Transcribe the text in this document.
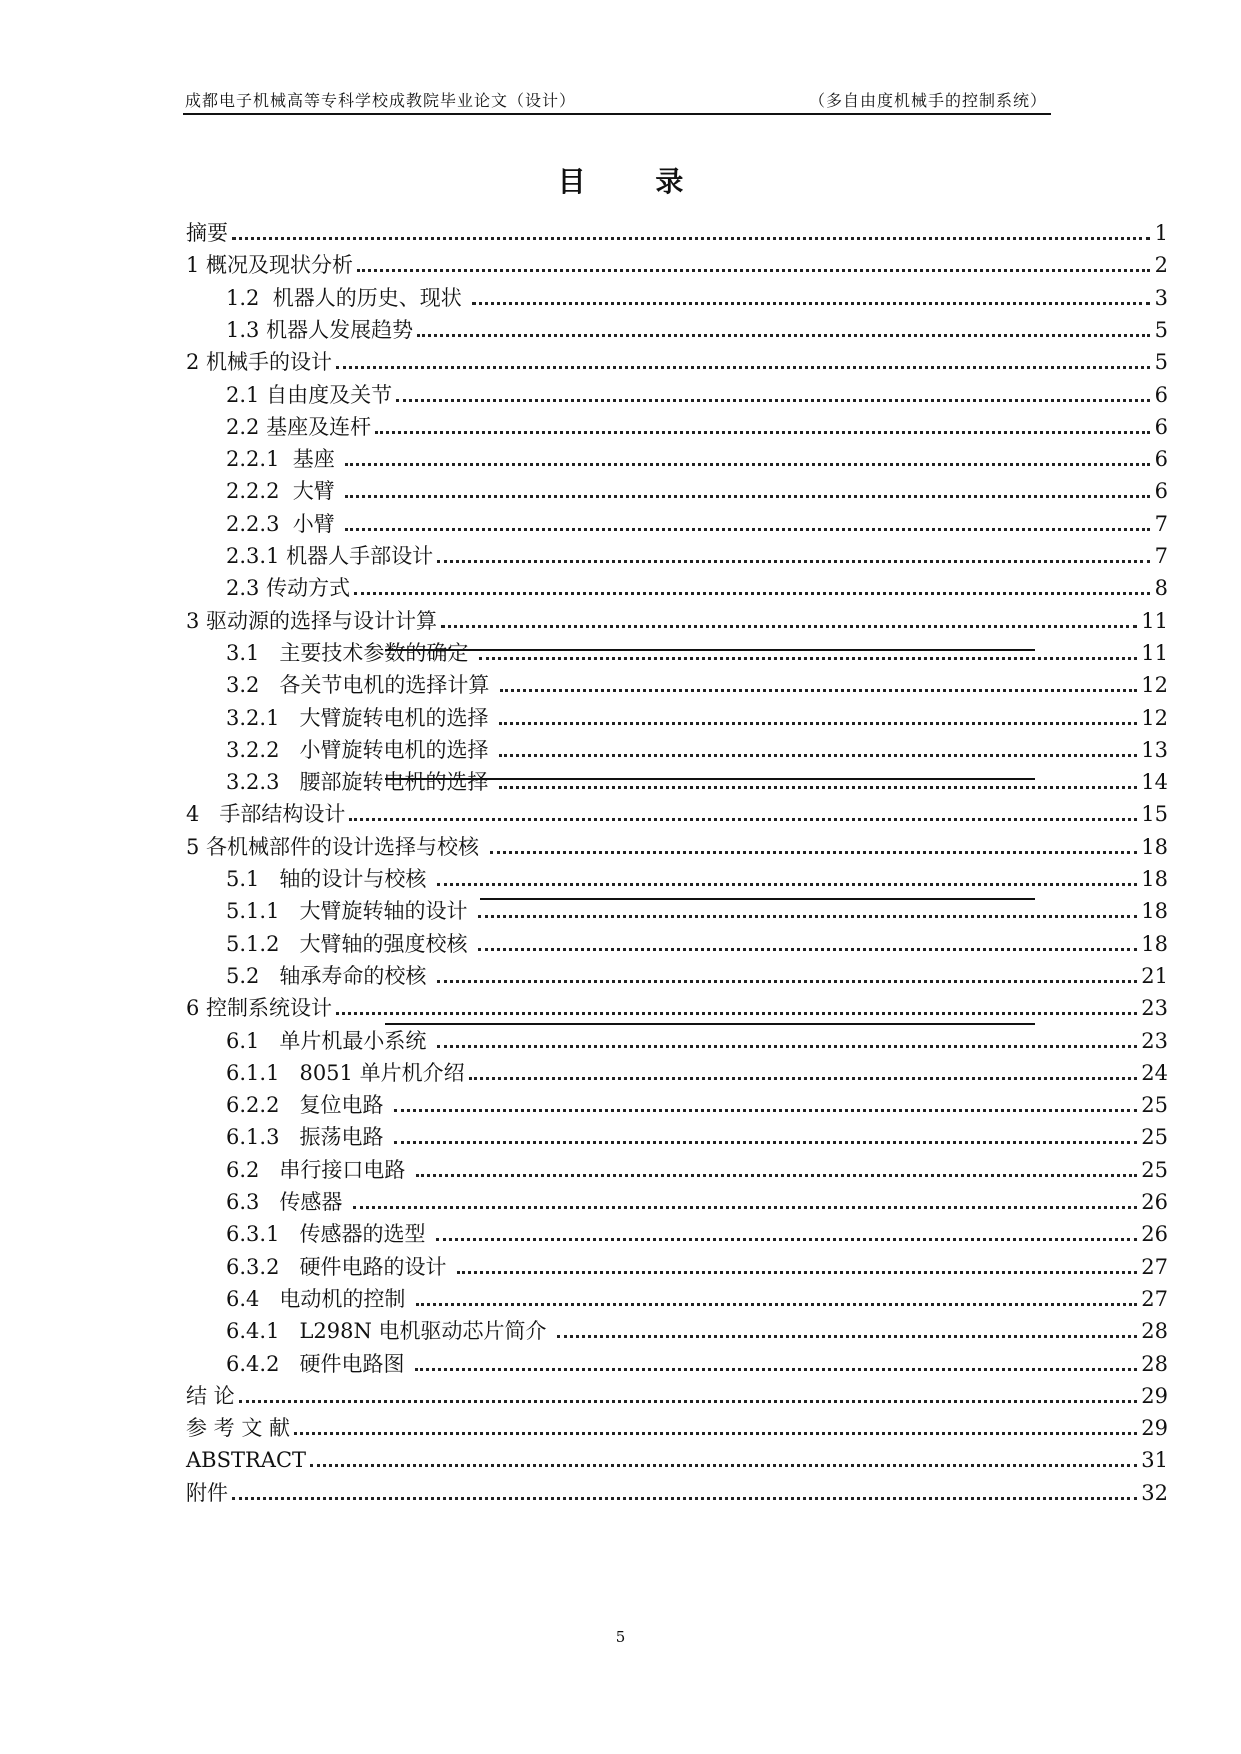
成都电子机械高等专科学校成教院毕业论文（设计）	（多自由度机械手的控制系统）
目 录
摘要	1
1 概况及现状分析	2
1.2  机器人的历史、现状	3
1.3 机器人发展趋势	5
2 机械手的设计	5
2.1 自由度及关节	6
2.2 基座及连杆	6
2.2.1  基座	6
2.2.2  大臂	6
2.2.3  小臂	7
2.3.1 机器人手部设计	7
2.3 传动方式	8
3 驱动源的选择与设计计算	11
3.1   主要技术参数的确定	11
3.2   各关节电机的选择计算	12
3.2.1   大臂旋转电机的选择	12
3.2.2   小臂旋转电机的选择	13
3.2.3   腰部旋转电机的选择	14
4   手部结构设计	15
5 各机械部件的设计选择与校核	18
5.1   轴的设计与校核	18
5.1.1   大臂旋转轴的设计	18
5.1.2   大臂轴的强度校核	18
5.2   轴承寿命的校核	21
6 控制系统设计	23
6.1   单片机最小系统	23
6.1.1   8051 单片机介绍	24
6.2.2   复位电路	25
6.1.3   振荡电路	25
6.2   串行接口电路	25
6.3   传感器	26
6.3.1   传感器的选型	26
6.3.2   硬件电路的设计	27
6.4   电动机的控制	27
6.4.1   L298N 电机驱动芯片简介	28
6.4.2   硬件电路图	28
结 论	29
参 考 文 献	29
ABSTRACT	31
附件	32
5
